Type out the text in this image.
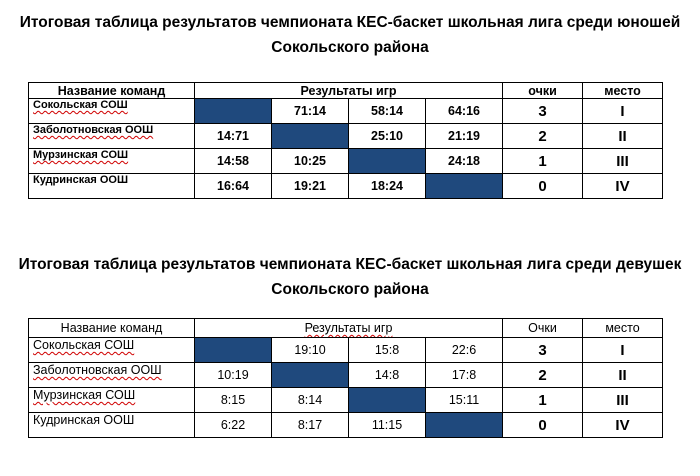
Итоговая таблица результатов чемпионата КЕС-баскет школьная лига среди юношей Сокольского района
Название команд	Результаты игр				очки	место
Сокольская СОШ		71:14	58:14	64:16	3	I
Заболотновская ООШ	14:71		25:10	21:19	2	II
Мурзинская СОШ	14:58	10:25		24:18	1	III
Кудринская ООШ	16:64	19:21	18:24		0	IV
Итоговая таблица результатов чемпионата КЕС-баскет школьная лига среди девушек Сокольского района
Название команд	Результаты игр				Очки	место
Сокольская СОШ		19:10	15:8	22:6	3	I
Заболотновская ООШ	10:19		14:8	17:8	2	II
Мурзинская СОШ	8:15	8:14		15:11	1	III
Кудринская ООШ	6:22	8:17	11:15		0	IV
